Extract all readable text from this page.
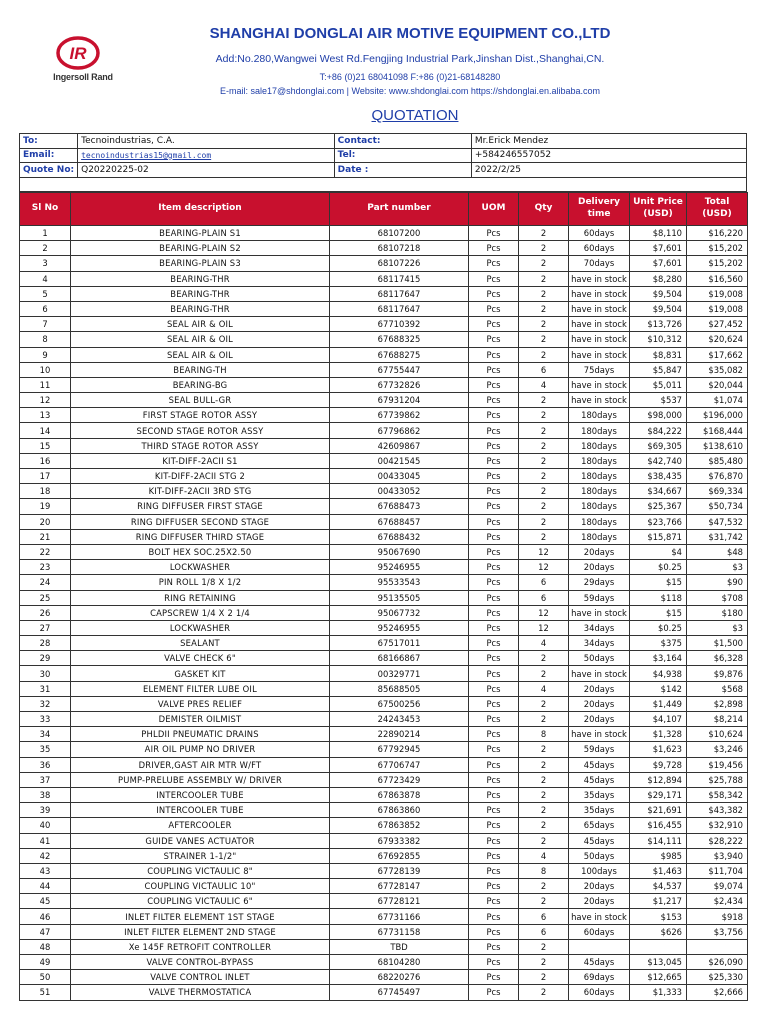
IR
Ingersoll Rand
SHANGHAI DONGLAI AIR MOTIVE EQUIPMENT CO.,LTD
Add:No.280,Wangwei West Rd.Fengjing Industrial Park,Jinshan Dist.,Shanghai,CN.
T:+86 (0)21 68041098 F:+86 (0)21-68148280
E-mail: sale17@shdonglai.com | Website: www.shdonglai.com https://shdonglai.en.alibaba.com
QUOTATION
To:	Tecnoindustrias, C.A.	Contact:	Mr.Erick Mendez
Email:	tecnoindustrias15@gmail.com	Tel:	+584246557052
Quote No:	Q20220225-02	Date :	2022/2/25
Sl No	Item description	Part number	UOM	Qty	Delivery time	Unit Price (USD)	Total (USD)
1	BEARING-PLAIN S1	68107200	Pcs	2	60days	$8,110	$16,220
2	BEARING-PLAIN S2	68107218	Pcs	2	60days	$7,601	$15,202
3	BEARING-PLAIN S3	68107226	Pcs	2	70days	$7,601	$15,202
4	BEARING-THR	68117415	Pcs	2	have in stock	$8,280	$16,560
5	BEARING-THR	68117647	Pcs	2	have in stock	$9,504	$19,008
6	BEARING-THR	68117647	Pcs	2	have in stock	$9,504	$19,008
7	SEAL AIR & OIL	67710392	Pcs	2	have in stock	$13,726	$27,452
8	SEAL AIR & OIL	67688325	Pcs	2	have in stock	$10,312	$20,624
9	SEAL AIR & OIL	67688275	Pcs	2	have in stock	$8,831	$17,662
10	BEARING-TH	67755447	Pcs	6	75days	$5,847	$35,082
11	BEARING-BG	67732826	Pcs	4	have in stock	$5,011	$20,044
12	SEAL BULL-GR	67931204	Pcs	2	have in stock	$537	$1,074
13	FIRST STAGE ROTOR ASSY	67739862	Pcs	2	180days	$98,000	$196,000
14	SECOND STAGE ROTOR ASSY	67796862	Pcs	2	180days	$84,222	$168,444
15	THIRD STAGE ROTOR ASSY	42609867	Pcs	2	180days	$69,305	$138,610
16	KIT-DIFF-2ACII S1	00421545	Pcs	2	180days	$42,740	$85,480
17	KIT-DIFF-2ACII STG 2	00433045	Pcs	2	180days	$38,435	$76,870
18	KIT-DIFF-2ACII 3RD STG	00433052	Pcs	2	180days	$34,667	$69,334
19	RING DIFFUSER FIRST STAGE	67688473	Pcs	2	180days	$25,367	$50,734
20	RING DIFFUSER SECOND STAGE	67688457	Pcs	2	180days	$23,766	$47,532
21	RING DIFFUSER THIRD STAGE	67688432	Pcs	2	180days	$15,871	$31,742
22	BOLT HEX SOC.25X2.50	95067690	Pcs	12	20days	$4	$48
23	LOCKWASHER	95246955	Pcs	12	20days	$0.25	$3
24	PIN ROLL 1/8 X 1/2	95533543	Pcs	6	29days	$15	$90
25	RING RETAINING	95135505	Pcs	6	59days	$118	$708
26	CAPSCREW 1/4 X 2 1/4	95067732	Pcs	12	have in stock	$15	$180
27	LOCKWASHER	95246955	Pcs	12	34days	$0.25	$3
28	SEALANT	67517011	Pcs	4	34days	$375	$1,500
29	VALVE CHECK 6"	68166867	Pcs	2	50days	$3,164	$6,328
30	GASKET KIT	00329771	Pcs	2	have in stock	$4,938	$9,876
31	ELEMENT FILTER LUBE OIL	85688505	Pcs	4	20days	$142	$568
32	VALVE PRES RELIEF	67500256	Pcs	2	20days	$1,449	$2,898
33	DEMISTER OILMIST	24243453	Pcs	2	20days	$4,107	$8,214
34	PHLDII PNEUMATIC DRAINS	22890214	Pcs	8	have in stock	$1,328	$10,624
35	AIR OIL PUMP NO DRIVER	67792945	Pcs	2	59days	$1,623	$3,246
36	DRIVER,GAST AIR MTR W/FT	67706747	Pcs	2	45days	$9,728	$19,456
37	PUMP-PRELUBE ASSEMBLY W/ DRIVER	67723429	Pcs	2	45days	$12,894	$25,788
38	INTERCOOLER TUBE	67863878	Pcs	2	35days	$29,171	$58,342
39	INTERCOOLER TUBE	67863860	Pcs	2	35days	$21,691	$43,382
40	AFTERCOOLER	67863852	Pcs	2	65days	$16,455	$32,910
41	GUIDE VANES ACTUATOR	67933382	Pcs	2	45days	$14,111	$28,222
42	STRAINER 1-1/2"	67692855	Pcs	4	50days	$985	$3,940
43	COUPLING VICTAULIC 8"	67728139	Pcs	8	100days	$1,463	$11,704
44	COUPLING VICTAULIC 10"	67728147	Pcs	2	20days	$4,537	$9,074
45	COUPLING VICTAULIC 6"	67728121	Pcs	2	20days	$1,217	$2,434
46	INLET FILTER ELEMENT 1ST STAGE	67731166	Pcs	6	have in stock	$153	$918
47	INLET FILTER ELEMENT 2ND STAGE	67731158	Pcs	6	60days	$626	$3,756
48	Xe 145F RETROFIT CONTROLLER	TBD	Pcs	2			
49	VALVE CONTROL-BYPASS	68104280	Pcs	2	45days	$13,045	$26,090
50	VALVE CONTROL INLET	68220276	Pcs	2	69days	$12,665	$25,330
51	VALVE THERMOSTATICA	67745497	Pcs	2	60days	$1,333	$2,666
